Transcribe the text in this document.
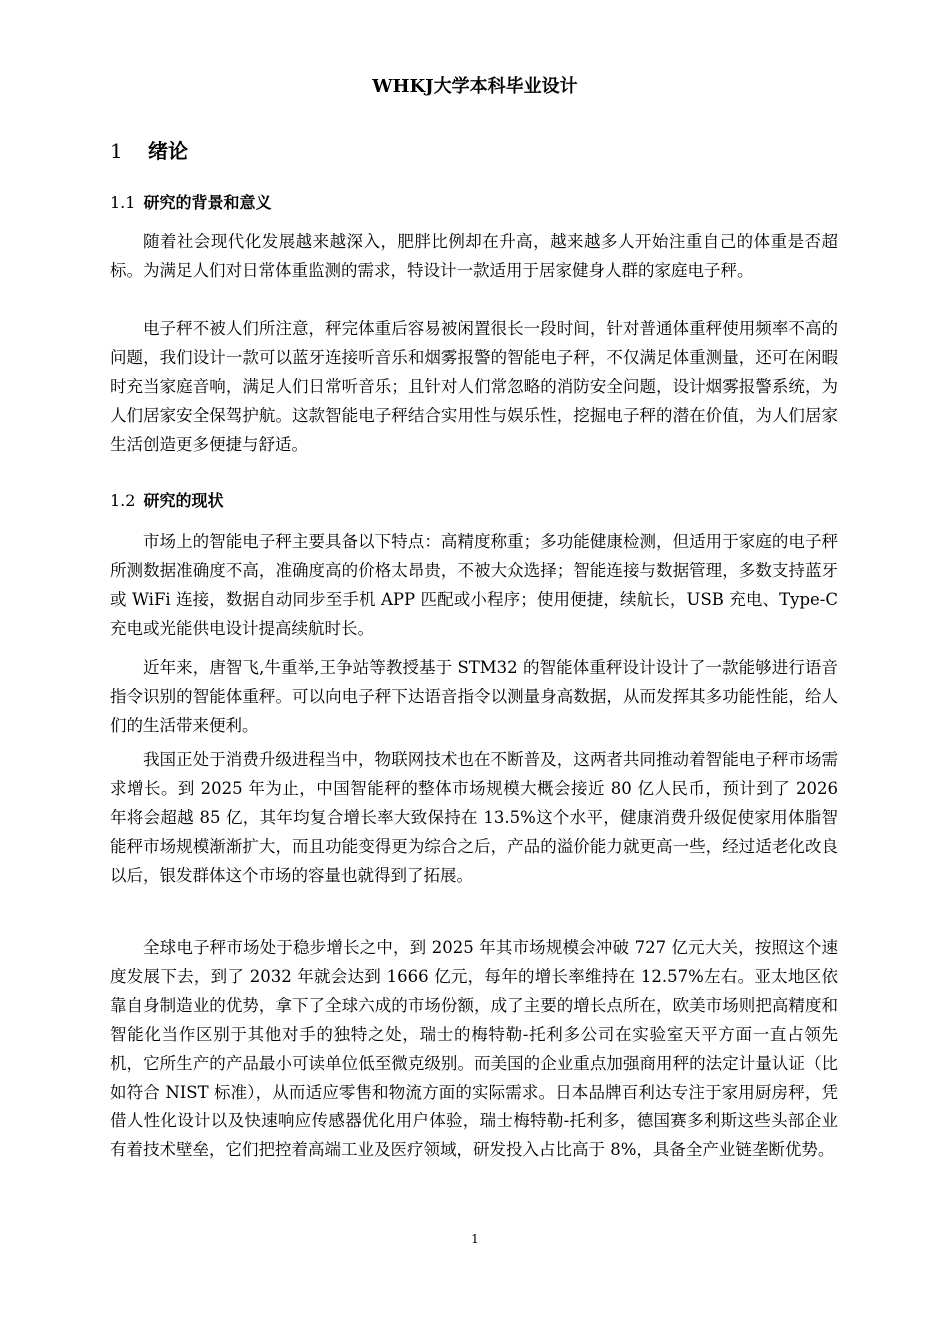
WHKJ大学本科毕业设计
1 绪论
1.1 研究的背景和意义

随着社会现代化发展越来越深入，肥胖比例却在升高，越来越多人开始注重自己的体重是否超标。为满足人们对日常体重监测的需求，特设计一款适用于居家健身人群的家庭电子秤。

电子秤不被人们所注意，秤完体重后容易被闲置很长一段时间，针对普通体重秤使用频率不高的问题，我们设计一款可以蓝牙连接听音乐和烟雾报警的智能电子秤，不仅满足体重测量，还可在闲暇时充当家庭音响，满足人们日常听音乐；且针对人们常忽略的消防安全问题，设计烟雾报警系统，为人们居家安全保驾护航。这款智能电子秤结合实用性与娱乐性，挖掘电子秤的潜在价值，为人们居家生活创造更多便捷与舒适。

1.2 研究的现状

市场上的智能电子秤主要具备以下特点：高精度称重；多功能健康检测，但适用于家庭的电子秤所测数据准确度不高，准确度高的价格太昂贵，不被大众选择；智能连接与数据管理，多数支持蓝牙或 WiFi 连接，数据自动同步至手机 APP 匹配或小程序；使用便捷，续航长，USB 充电、Type-C 充电或光能供电设计提高续航时长。

近年来，唐智飞,牛重举,王争站等教授基于 STM32 的智能体重秤设计设计了一款能够进行语音指令识别的智能体重秤。可以向电子秤下达语音指令以测量身高数据，从而发挥其多功能性能，给人们的生活带来便利。

我国正处于消费升级进程当中，物联网技术也在不断普及，这两者共同推动着智能电子秤市场需求增长。到 2025 年为止，中国智能秤的整体市场规模大概会接近 80 亿人民币，预计到了 2026 年将会超越 85 亿，其年均复合增长率大致保持在 13.5%这个水平，健康消费升级促使家用体脂智能秤市场规模渐渐扩大，而且功能变得更为综合之后，产品的溢价能力就更高一些，经过适老化改良以后，银发群体这个市场的容量也就得到了拓展。

全球电子秤市场处于稳步增长之中，到 2025 年其市场规模会冲破 727 亿元大关，按照这个速度发展下去，到了 2032 年就会达到 1666 亿元，每年的增长率维持在 12.57%左右。亚太地区依靠自身制造业的优势，拿下了全球六成的市场份额，成了主要的增长点所在，欧美市场则把高精度和智能化当作区别于其他对手的独特之处，瑞士的梅特勒-托利多公司在实验室天平方面一直占领先机，它所生产的产品最小可读单位低至微克级别。而美国的企业重点加强商用秤的法定计量认证（比如符合 NIST 标准），从而适应零售和物流方面的实际需求。日本品牌百利达专注于家用厨房秤，凭借人性化设计以及快速响应传感器优化用户体验，瑞士梅特勒-托利多，德国赛多利斯这些头部企业有着技术壁垒，它们把控着高端工业及医疗领域，研发投入占比高于 8%，具备全产业链垄断优势。

1
